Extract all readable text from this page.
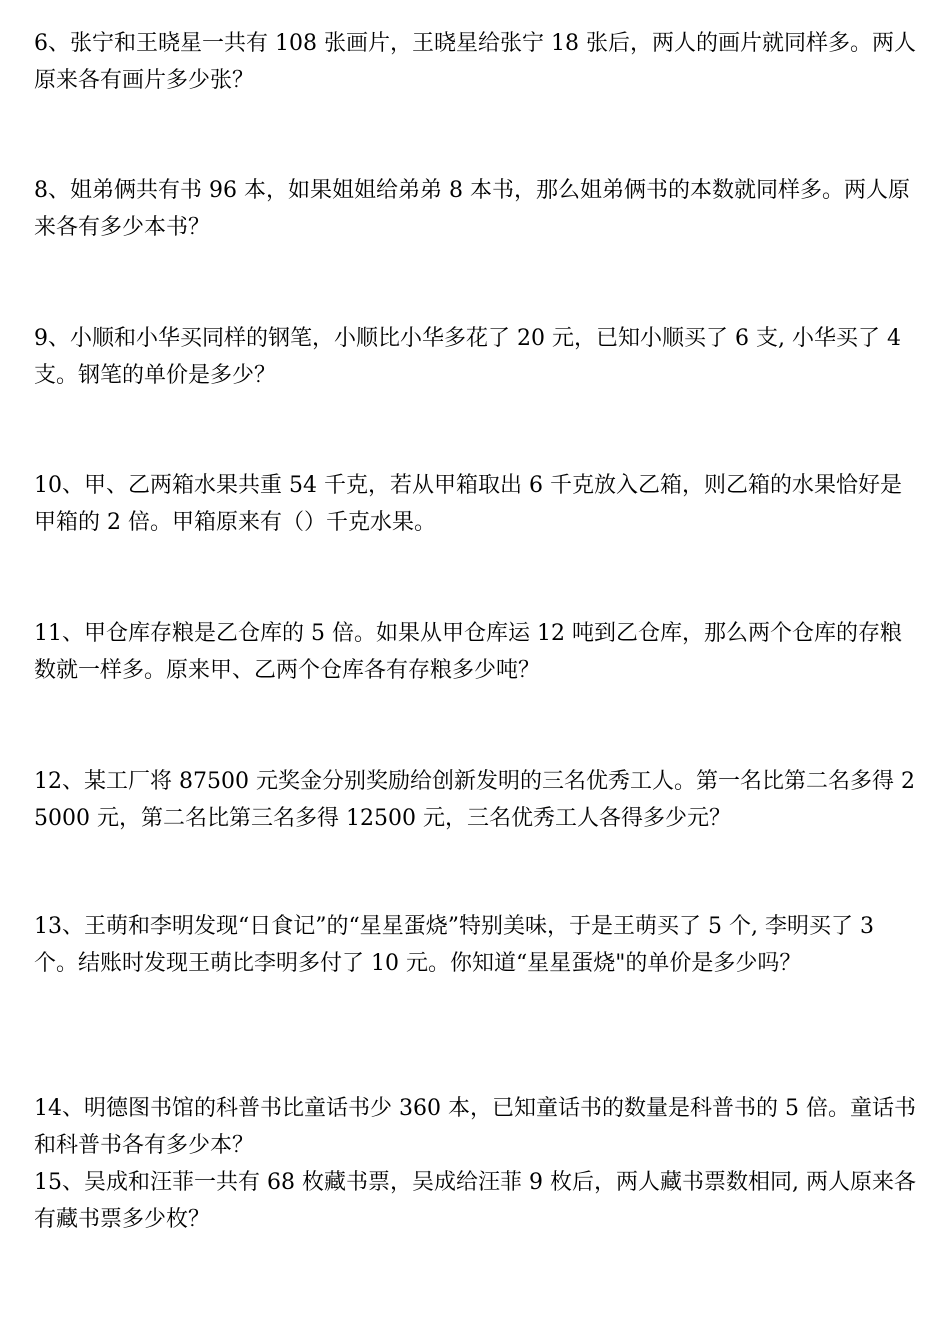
6、张宁和王晓星一共有 108 张画片，王晓星给张宁 18 张后，两人的画片就同样多。两人原来各有画片多少张？

8、姐弟俩共有书 96 本，如果姐姐给弟弟 8 本书，那么姐弟俩书的本数就同样多。两人原来各有多少本书？

9、小顺和小华买同样的钢笔，小顺比小华多花了 20 元，已知小顺买了 6 支, 小华买了 4 支。钢笔的单价是多少？

10、甲、乙两箱水果共重 54 千克，若从甲箱取出 6 千克放入乙箱，则乙箱的水果恰好是甲箱的 2 倍。甲箱原来有（）千克水果。

11、甲仓库存粮是乙仓库的 5 倍。如果从甲仓库运 12 吨到乙仓库，那么两个仓库的存粮数就一样多。原来甲、乙两个仓库各有存粮多少吨？

12、某工厂将 87500 元奖金分别奖励给创新发明的三名优秀工人。第一名比第二名多得 25000 元，第二名比第三名多得 12500 元，三名优秀工人各得多少元？

13、王萌和李明发现“日食记”的“星星蛋烧”特别美味，于是王萌买了 5 个, 李明买了 3 个。结账时发现王萌比李明多付了 10 元。你知道“星星蛋烧"的单价是多少吗？

14、明德图书馆的科普书比童话书少 360 本，已知童话书的数量是科普书的 5 倍。童话书和科普书各有多少本？

15、吴成和汪菲一共有 68 枚藏书票，吴成给汪菲 9 枚后，两人藏书票数相同, 两人原来各有藏书票多少枚？
